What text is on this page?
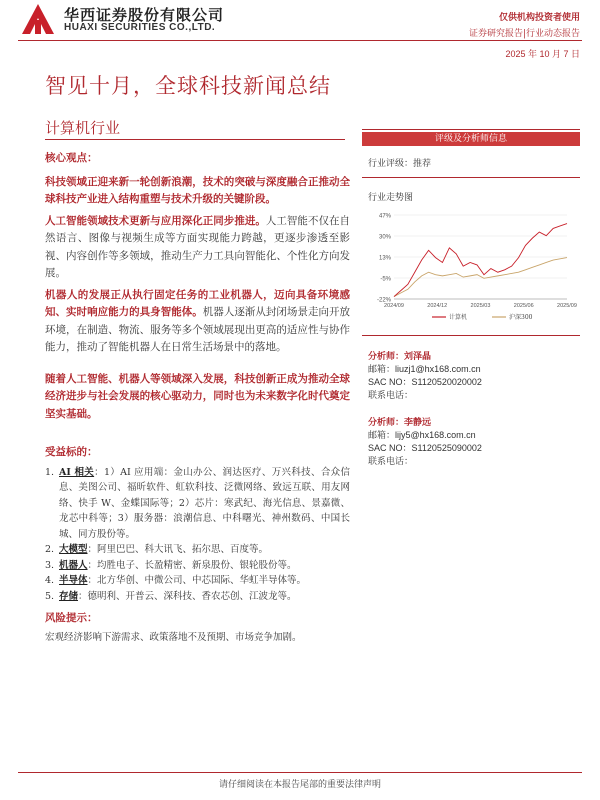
华西证券股份有限公司
HUAXI SECURITIES CO.,LTD.
仅供机构投资者使用
证券研究报告|行业动态报告
2025 年 10 月 7 日
智见十月，全球科技新闻总结
计算机行业
核心观点：

科技领域正迎来新一轮创新浪潮，技术的突破与深度融合正推动全球科技产业进入结构重塑与技术升级的关键阶段。

人工智能领域技术更新与应用深化正同步推进。人工智能不仅在自然语言、图像与视频生成等方面实现能力跨越，更逐步渗透至影视、内容创作等多领域，推动生产力工具向智能化、个性化方向发展。

机器人的发展正从执行固定任务的工业机器人，迈向具备环境感知、实时响应能力的具身智能体。机器人逐渐从封闭场景走向开放环境，在制造、物流、服务等多个领域展现出更高的适应性与协作能力，推动了智能机器人在日常生活场景中的落地。

随着人工智能、机器人等领域深入发展，科技创新正成为推动全球经济进步与社会发展的核心驱动力，同时也为未来数字化时代奠定坚实基础。

受益标的：
1. AI 相关：1）AI 应用端：金山办公、润达医疗、万兴科技、合众信息、美图公司、福昕软件、虹软科技、泛微网络、致远互联、用友网络、快手 W、金蝶国际等；2）芯片：寒武纪、海光信息、景嘉微、龙芯中科等；3）服务器：浪潮信息、中科曙光、神州数码、中国长城、同方股份等。
2. 大模型：阿里巴巴、科大讯飞、拓尔思、百度等。
3. 机器人：均胜电子、长盈精密、新泉股份、银轮股份等。
4. 半导体：北方华创、中微公司、中芯国际、华虹半导体等。
5. 存储：德明利、开普云、深科技、香农芯创、江波龙等。
风险提示：
宏观经济影响下游需求、政策落地不及预期、市场竞争加剧。
评级及分析师信息
行业评级：推荐
行业走势图
47%
30%
13%
-5%
-22%
2024/09	2024/12	2025/03	2025/06	2025/09
计算机	沪深300
分析师：刘泽晶
邮箱：liuzj1@hx168.com.cn
SAC NO：S1120520020002
联系电话：
分析师：李静远
邮箱：lijy5@hx168.com.cn
SAC NO：S1120525090002
联系电话：
请仔细阅读在本报告尾部的重要法律声明
